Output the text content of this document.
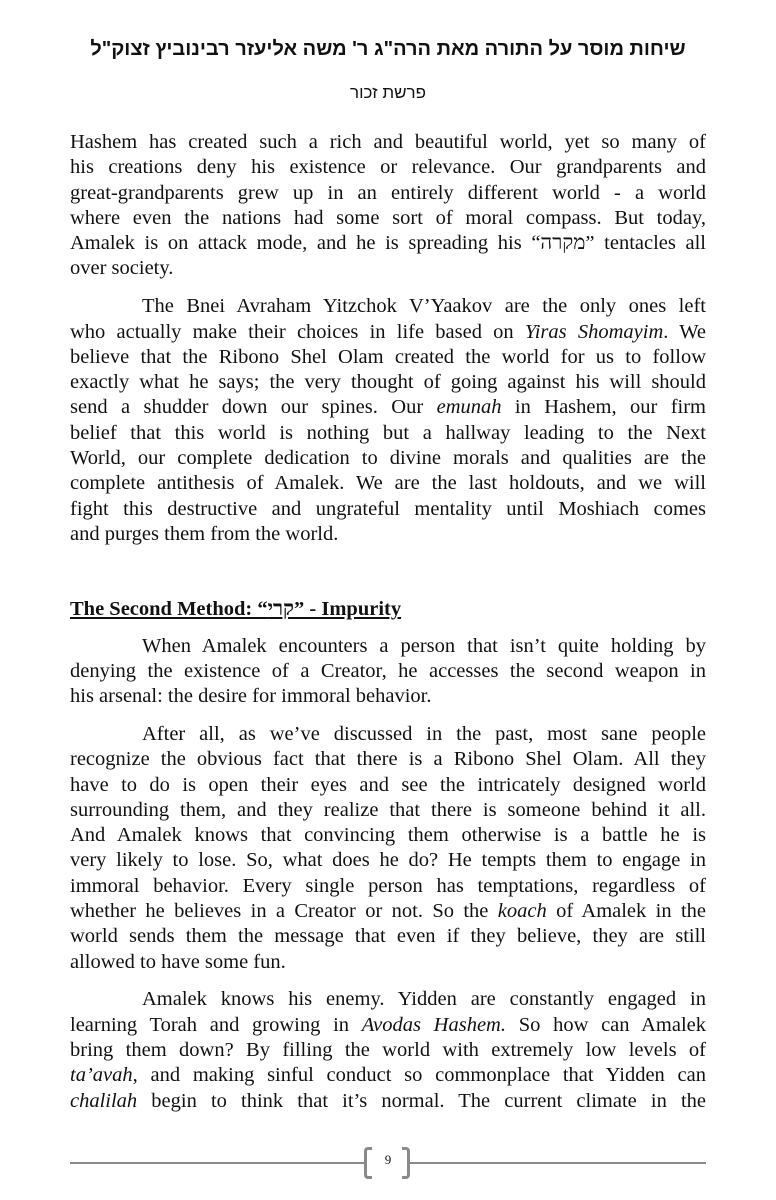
שיחות מוסר על התורה מאת הרה"ג ר' משה אליעזר רבינוביץ זצוק"ל
פרשת זכור
Hashem has created such a rich and beautiful world, yet so many of
his creations deny his existence or relevance. Our grandparents and
great-grandparents grew up in an entirely different world - a world
where even the nations had some sort of moral compass. But today,
Amalek is on attack mode, and he is spreading his “מקרה” tentacles all
over society.
The Bnei Avraham Yitzchok V’Yaakov are the only ones left
who actually make their choices in life based on Yiras Shomayim. We
believe that the Ribono Shel Olam created the world for us to follow
exactly what he says; the very thought of going against his will should
send a shudder down our spines. Our emunah in Hashem, our firm
belief that this world is nothing but a hallway leading to the Next
World, our complete dedication to divine morals and qualities are the
complete antithesis of Amalek. We are the last holdouts, and we will
fight this destructive and ungrateful mentality until Moshiach comes
and purges them from the world.
The Second Method: “קרי” - Impurity
When Amalek encounters a person that isn’t quite holding by
denying the existence of a Creator, he accesses the second weapon in
his arsenal: the desire for immoral behavior.
After all, as we’ve discussed in the past, most sane people
recognize the obvious fact that there is a Ribono Shel Olam. All they
have to do is open their eyes and see the intricately designed world
surrounding them, and they realize that there is someone behind it all.
And Amalek knows that convincing them otherwise is a battle he is
very likely to lose. So, what does he do? He tempts them to engage in
immoral behavior. Every single person has temptations, regardless of
whether he believes in a Creator or not. So the koach of Amalek in the
world sends them the message that even if they believe, they are still
allowed to have some fun.
Amalek knows his enemy. Yidden are constantly engaged in
learning Torah and growing in Avodas Hashem. So how can Amalek
bring them down? By filling the world with extremely low levels of
ta’avah, and making sinful conduct so commonplace that Yidden can
chalilah begin to think that it’s normal. The current climate in the
9
